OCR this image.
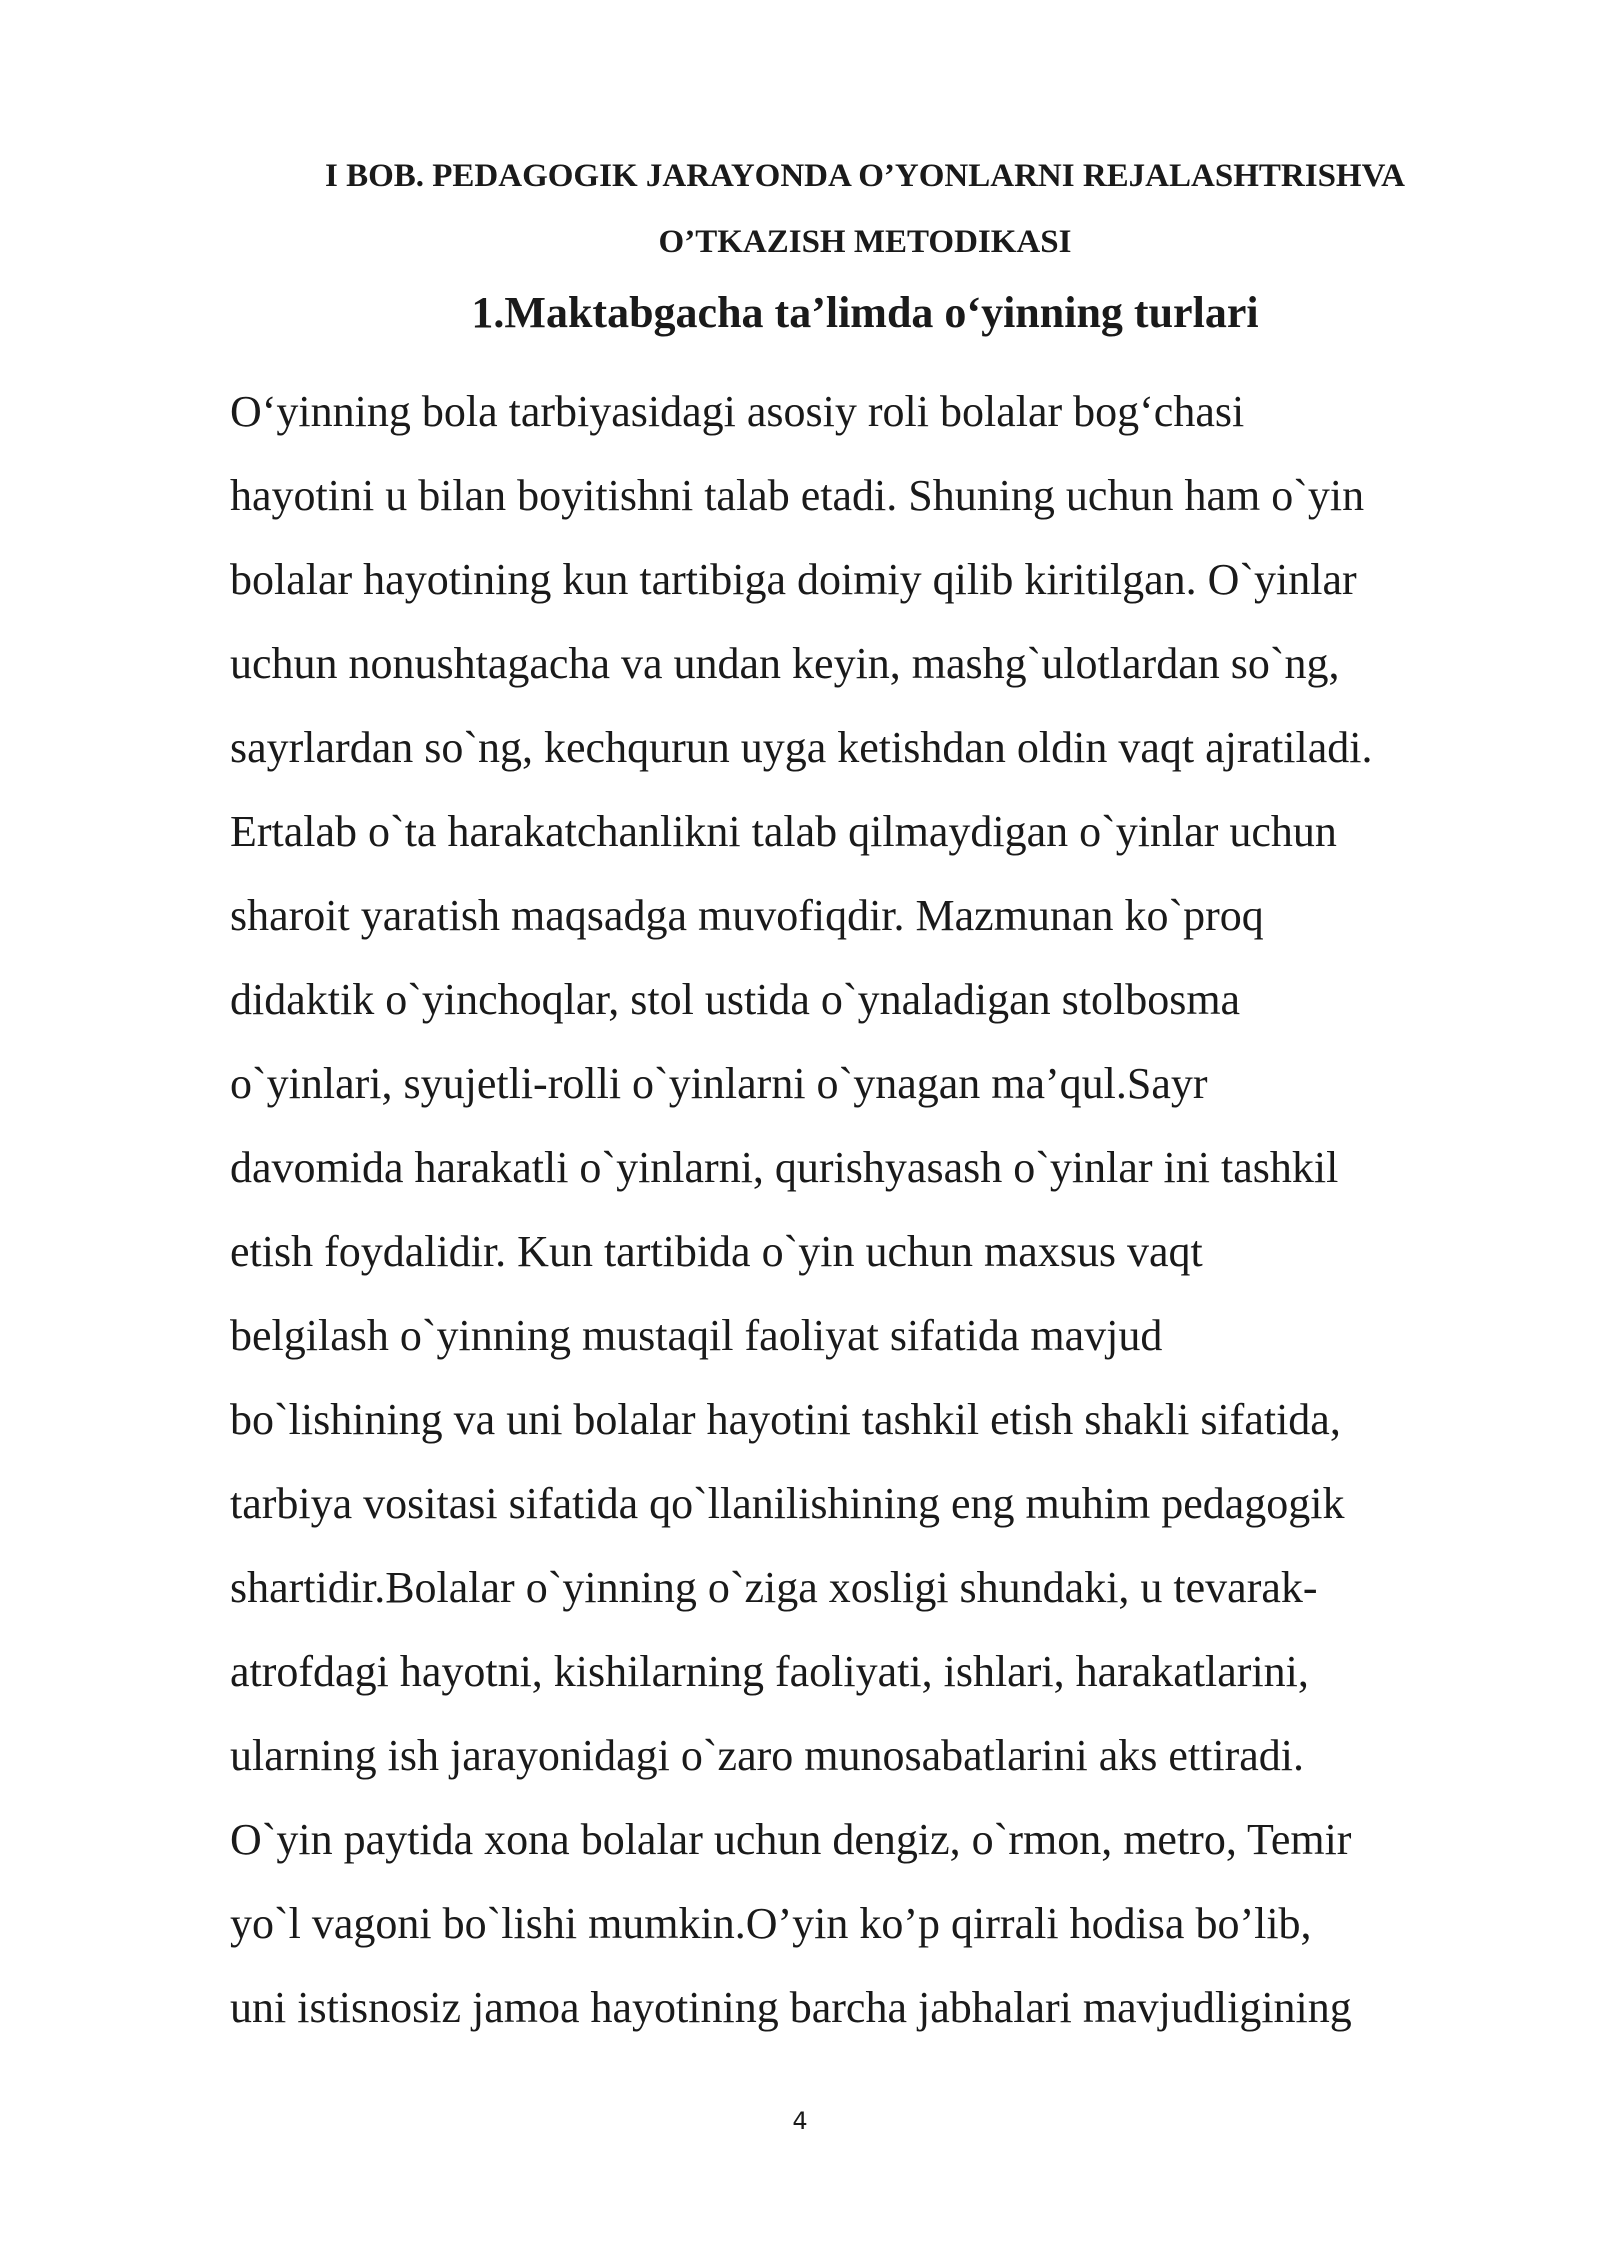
I BOB. PEDAGOGIK JARAYONDA O’YONLARNI REJALASHTRISHVA
O’TKAZISH METODIKASI
1.Maktabgacha ta’limda o‘yinning turlari
O‘yinning bola tarbiyasidagi asosiy roli bolalar bog‘chasi
hayotini u bilan boyitishni talab etadi. Shuning uchun ham o`yin
bolalar hayotining kun tartibiga doimiy qilib kiritilgan. O`yinlar
uchun nonushtagacha va undan keyin, mashg`ulotlardan so`ng,
sayrlardan so`ng, kechqurun uyga ketishdan oldin vaqt ajratiladi.
Ertalab o`ta harakatchanlikni talab qilmaydigan o`yinlar uchun
sharoit yaratish maqsadga muvofiqdir. Mazmunan ko`proq
didaktik o`yinchoqlar, stol ustida o`ynaladigan stolbosma
o`yinlari, syujetli-rolli o`yinlarni o`ynagan ma’qul.Sayr
davomida harakatli o`yinlarni, qurishyasash o`yinlar ini tashkil
etish foydalidir. Kun tartibida o`yin uchun maxsus vaqt
belgilash o`yinning mustaqil faoliyat sifatida mavjud
bo`lishining va uni bolalar hayotini tashkil etish shakli sifatida,
tarbiya vositasi sifatida qo`llanilishining eng muhim pedagogik
shartidir.Bolalar o`yinning o`ziga xosligi shundaki, u tevarak-
atrofdagi hayotni, kishilarning faoliyati, ishlari, harakatlarini,
ularning ish jarayonidagi o`zaro munosabatlarini aks ettiradi.
O`yin paytida xona bolalar uchun dengiz, o`rmon, metro, Temir
yo`l vagoni bo`lishi mumkin.O’yin ko’p qirrali hodisa bo’lib,
uni istisnosiz jamoa hayotining barcha jabhalari mavjudligining
4
